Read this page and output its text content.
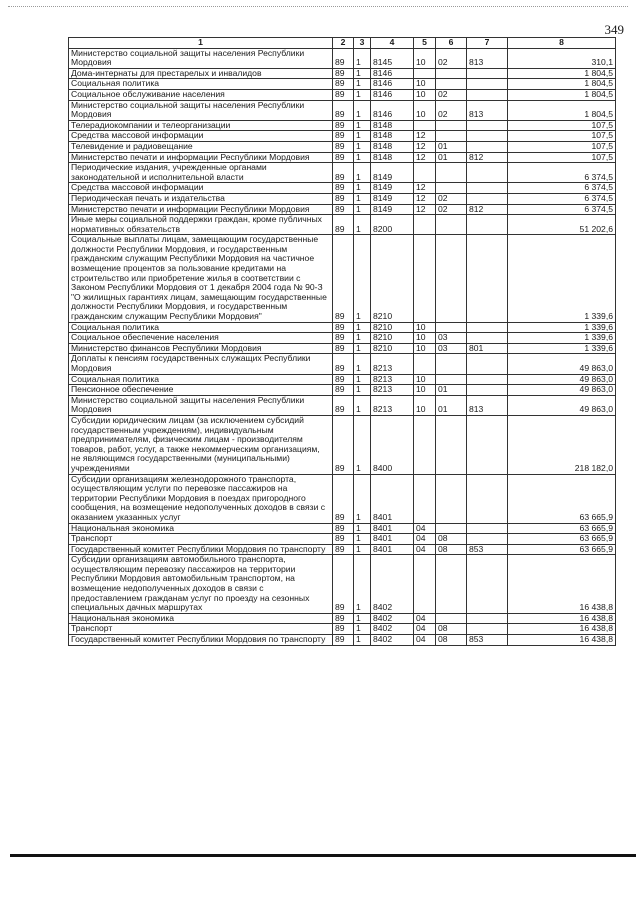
349
1	2	3	4	5	6	7	8
Министерство социальной защиты населения Республики Мордовия	89	1	8145	10	02	813	310,1
Дома-интернаты для престарелых и инвалидов	89	1	8146				1 804,5
Социальная политика	89	1	8146	10			1 804,5
Социальное обслуживание населения	89	1	8146	10	02		1 804,5
Министерство социальной защиты населения Республики Мордовия	89	1	8146	10	02	813	1 804,5
Телерадиокомпании и телеорганизации	89	1	8148				107,5
Средства массовой информации	89	1	8148	12			107,5
Телевидение и радиовещание	89	1	8148	12	01		107,5
Министерство печати и информации Республики Мордовия	89	1	8148	12	01	812	107,5
Периодические издания, учрежденные органами законодательной и исполнительной власти	89	1	8149				6 374,5
Средства массовой информации	89	1	8149	12			6 374,5
Периодическая печать и издательства	89	1	8149	12	02		6 374,5
Министерство печати и информации Республики Мордовия	89	1	8149	12	02	812	6 374,5
Иные меры социальной поддержки граждан, кроме публичных нормативных обязательств	89	1	8200				51 202,6
Социальные выплаты лицам, замещающим государственные должности Республики Мордовия, и государственным гражданским служащим Республики Мордовия на частичное возмещение процентов за пользование кредитами на строительство или приобретение жилья в соответствии с Законом Республики Мордовия от 1 декабря 2004 года № 90-З "О жилищных гарантиях лицам, замещающим государственные должности Республики Мордовия, и государственным гражданским служащим Республики Мордовия"	89	1	8210				1 339,6
Социальная политика	89	1	8210	10			1 339,6
Социальное обеспечение населения	89	1	8210	10	03		1 339,6
Министерство финансов Республики Мордовия	89	1	8210	10	03	801	1 339,6
Доплаты к пенсиям государственных служащих Республики Мордовия	89	1	8213				49 863,0
Социальная политика	89	1	8213	10			49 863,0
Пенсионное обеспечение	89	1	8213	10	01		49 863,0
Министерство социальной защиты населения Республики Мордовия	89	1	8213	10	01	813	49 863,0
Субсидии юридическим лицам (за исключением субсидий государственным учреждениям), индивидуальным предпринимателям, физическим лицам - производителям товаров, работ, услуг, а также некоммерческим организациям, не являющимся государственными (муниципальными) учреждениями	89	1	8400				218 182,0
Субсидии организациям железнодорожного транспорта, осуществляющим услуги по перевозке пассажиров на территории Республики Мордовия в поездах пригородного сообщения, на возмещение недополученных доходов в связи с оказанием указанных услуг	89	1	8401				63 665,9
Национальная экономика	89	1	8401	04			63 665,9
Транспорт	89	1	8401	04	08		63 665,9
Государственный комитет Республики Мордовия по транспорту	89	1	8401	04	08	853	63 665,9
Субсидии организациям автомобильного транспорта, осуществляющим перевозку пассажиров на территории Республики Мордовия автомобильным транспортом, на возмещение недополученных доходов в связи с предоставлением гражданам услуг по проезду на сезонных специальных дачных маршрутах	89	1	8402				16 438,8
Национальная экономика	89	1	8402	04			16 438,8
Транспорт	89	1	8402	04	08		16 438,8
Государственный комитет Республики Мордовия по транспорту	89	1	8402	04	08	853	16 438,8
